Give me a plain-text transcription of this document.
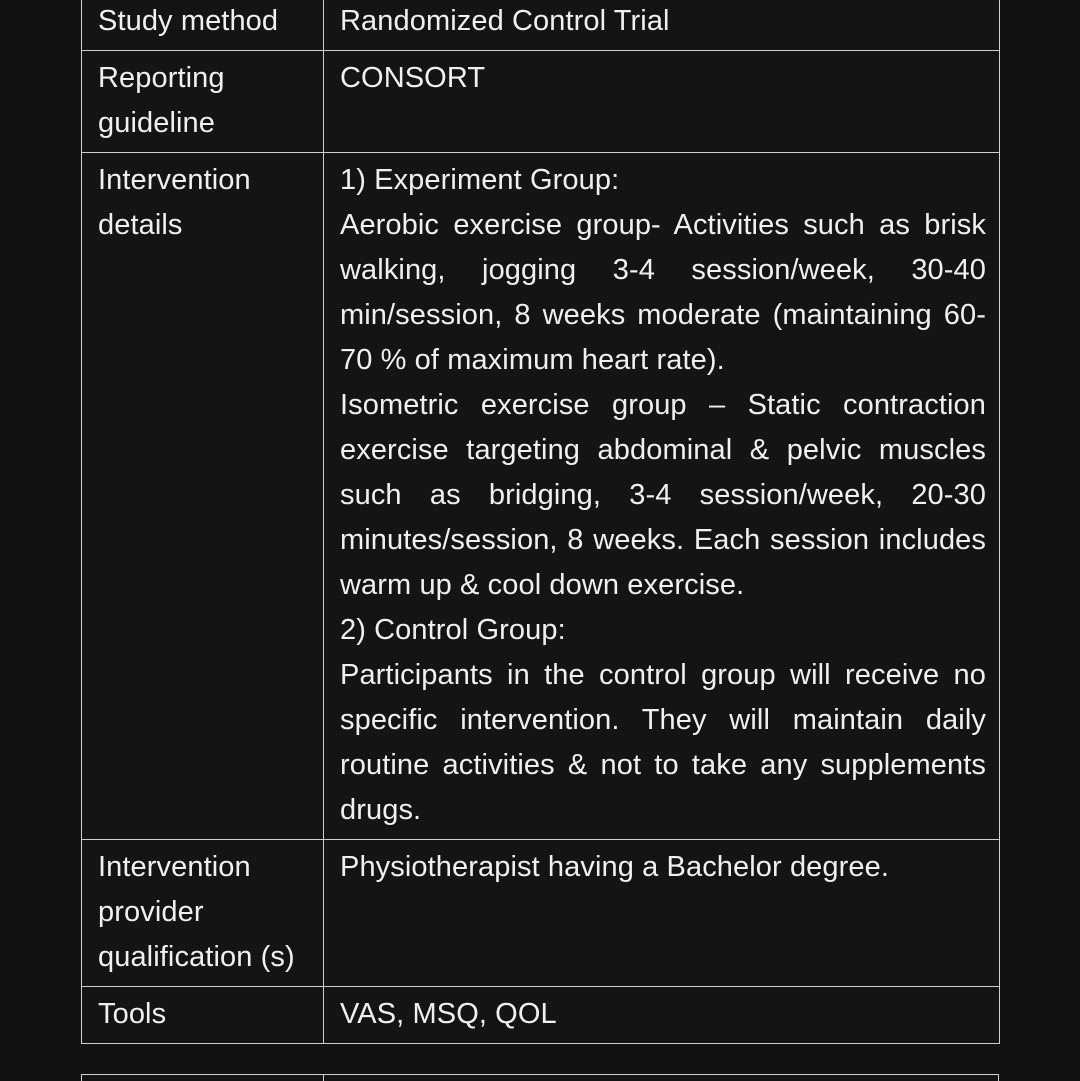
Study method	Randomized Control Trial

Reporting guideline	CONSORT

Intervention details	1) Experiment Group:

Aerobic exercise group- Activities such as brisk walking, jogging 3-4 session/week, 30-40 min/session, 8 weeks moderate (maintaining 60-70 % of maximum heart rate).

Isometric exercise group – Static contraction exercise targeting abdominal & pelvic muscles such as bridging, 3-4 session/week, 20-30 minutes/session, 8 weeks. Each session includes warm up & cool down exercise.

2) Control Group:

Participants in the control group will receive no specific intervention. They will maintain daily routine activities & not to take any supplements drugs.

Intervention provider qualification (s)	Physiotherapist having a Bachelor degree.

Tools	VAS, MSQ, QOL
